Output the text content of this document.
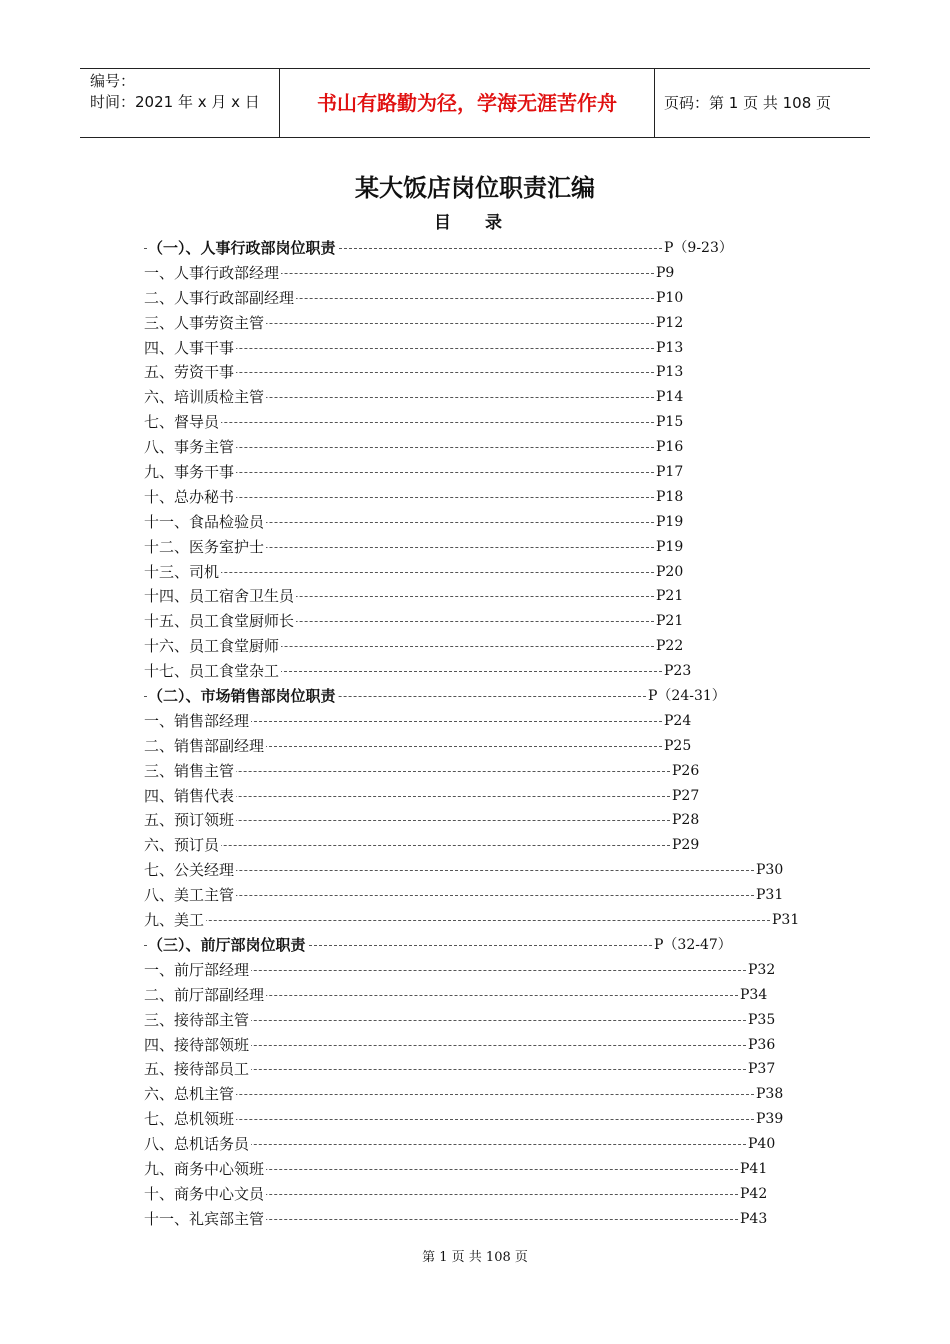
编号：
时间：2021 年 x 月 x 日	书山有路勤为径，学海无涯苦作舟	页码：第 1 页 共 108 页
某大饭店岗位职责汇编
目 录
（一）、人事行政部岗位职责	P（9-23）
一、人事行政部经理	P9
二、人事行政部副经理	P10
三、人事劳资主管	P12
四、人事干事	P13
五、劳资干事	P13
六、培训质检主管	P14
七、督导员	P15
八、事务主管	P16
九、事务干事	P17
十、总办秘书	P18
十一、食品检验员	P19
十二、医务室护士	P19
十三、司机	P20
十四、员工宿舍卫生员	P21
十五、员工食堂厨师长	P21
十六、员工食堂厨师	P22
十七、员工食堂杂工	P23
（二）、市场销售部岗位职责	P（24-31）
一、销售部经理	P24
二、销售部副经理	P25
三、销售主管	P26
四、销售代表	P27
五、预订领班	P28
六、预订员	P29
七、公关经理	P30
八、美工主管	P31
九、美工	P31
（三）、前厅部岗位职责	P（32-47）
一、前厅部经理	P32
二、前厅部副经理	P34
三、接待部主管	P35
四、接待部领班	P36
五、接待部员工	P37
六、总机主管	P38
七、总机领班	P39
八、总机话务员	P40
九、商务中心领班	P41
十、商务中心文员	P42
十一、礼宾部主管	P43
第 1 页 共 108 页
